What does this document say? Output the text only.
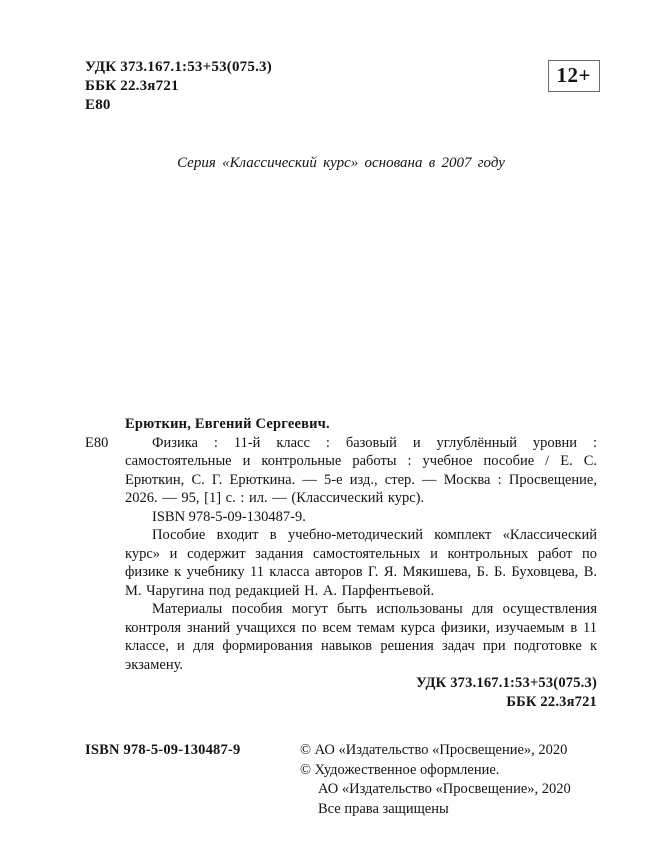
УДК 373.167.1:53+53(075.3)
ББК 22.3я721
Е80
12+
Серия «Классический курс» основана в 2007 году
Е80

Ерюткин, Евгений Сергеевич.

Физика : 11-й класс : базовый и углублённый уровни : самостоятельные и контрольные работы : учебное пособие / Е. С. Ерюткин, С. Г. Ерюткина. — 5-е изд., стер. — Москва : Просвещение, 2026. — 95, [1] с. : ил. — (Классический курс).

ISBN 978-5-09-130487-9.

Пособие входит в учебно-методический комплект «Классический курс» и содержит задания самостоятельных и контрольных работ по физике к учебнику 11 класса авторов Г. Я. Мякишева, Б. Б. Буховцева, В. М. Чаругина под редакцией Н. А. Парфентьевой.

Материалы пособия могут быть использованы для осуществления контроля знаний учащихся по всем темам курса физики, изучаемым в 11 классе, и для формирования навыков решения задач при подготовке к экзамену.

УДК 373.167.1:53+53(075.3)

ББК 22.3я721

ISBN 978-5-09-130487-9	© АО «Издательство «Просвещение», 2020

© Художественное оформление.

АО «Издательство «Просвещение», 2020

Все права защищены
